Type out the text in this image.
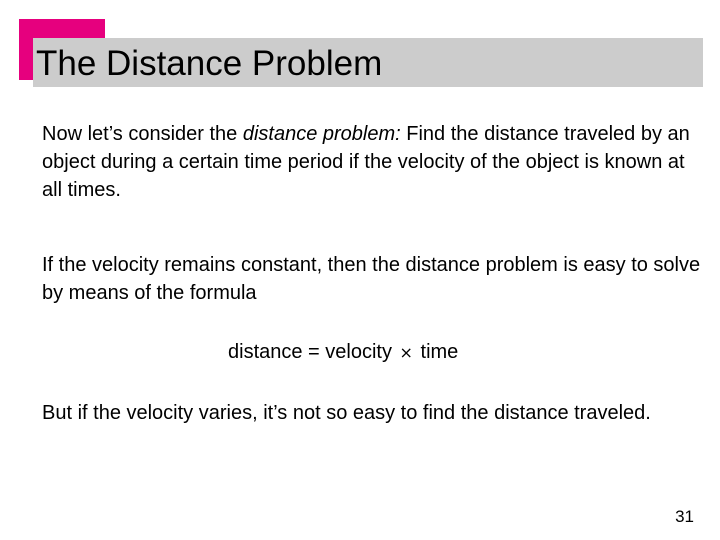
The Distance Problem

Now let’s consider the distance problem: Find the distance traveled by an object during a certain time period if the velocity of the object is known at all times.

If the velocity remains constant, then the distance problem is easy to solve by means of the formula

distance = velocity × time

But if the velocity varies, it’s not so easy to find the distance traveled.

31
